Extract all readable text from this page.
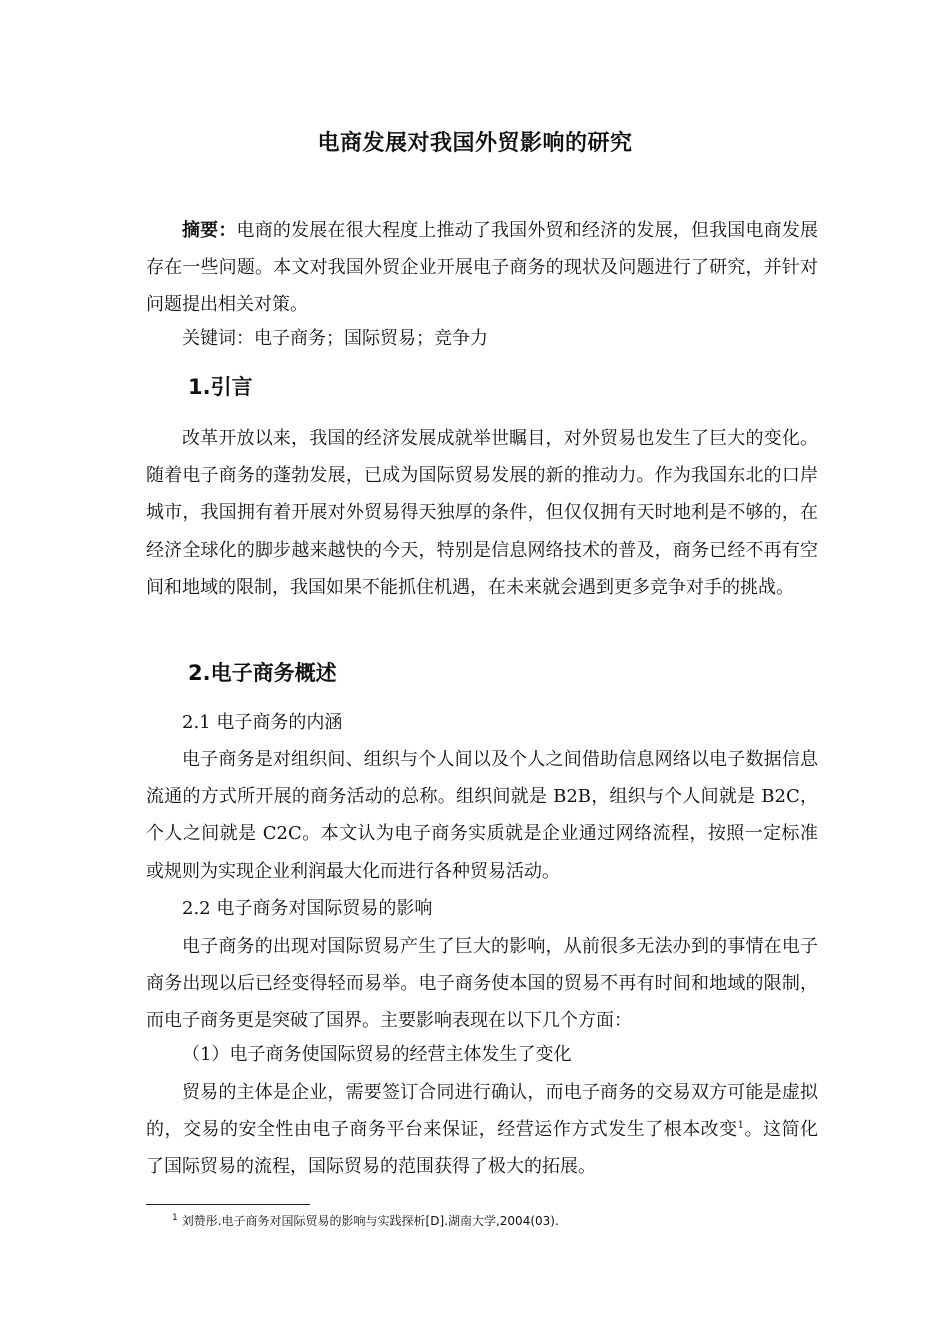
电商发展对我国外贸影响的研究

摘要：电商的发展在很大程度上推动了我国外贸和经济的发展，但我国电商发展存在一些问题。本文对我国外贸企业开展电子商务的现状及问题进行了研究，并针对问题提出相关对策。

关键词：电子商务；国际贸易；竞争力

1.引言

改革开放以来，我国的经济发展成就举世瞩目，对外贸易也发生了巨大的变化。随着电子商务的蓬勃发展，已成为国际贸易发展的新的推动力。作为我国东北的口岸城市，我国拥有着开展对外贸易得天独厚的条件，但仅仅拥有天时地利是不够的，在经济全球化的脚步越来越快的今天，特别是信息网络技术的普及，商务已经不再有空间和地域的限制，我国如果不能抓住机遇，在未来就会遇到更多竞争对手的挑战。

2.电子商务概述

2.1 电子商务的内涵

电子商务是对组织间、组织与个人间以及个人之间借助信息网络以电子数据信息流通的方式所开展的商务活动的总称。组织间就是 B2B，组织与个人间就是 B2C，个人之间就是 C2C。本文认为电子商务实质就是企业通过网络流程，按照一定标准或规则为实现企业利润最大化而进行各种贸易活动。

2.2 电子商务对国际贸易的影响

电子商务的出现对国际贸易产生了巨大的影响，从前很多无法办到的事情在电子商务出现以后已经变得轻而易举。电子商务使本国的贸易不再有时间和地域的限制，而电子商务更是突破了国界。主要影响表现在以下几个方面：

（1）电子商务使国际贸易的经营主体发生了变化

贸易的主体是企业，需要签订合同进行确认，而电子商务的交易双方可能是虚拟的，交易的安全性由电子商务平台来保证，经营运作方式发生了根本改变$^1$。这简化了国际贸易的流程，国际贸易的范围获得了极大的拓展。

$^1$ 刘赞彤.电子商务对国际贸易的影响与实践探析[D].湖南大学,2004(03).
